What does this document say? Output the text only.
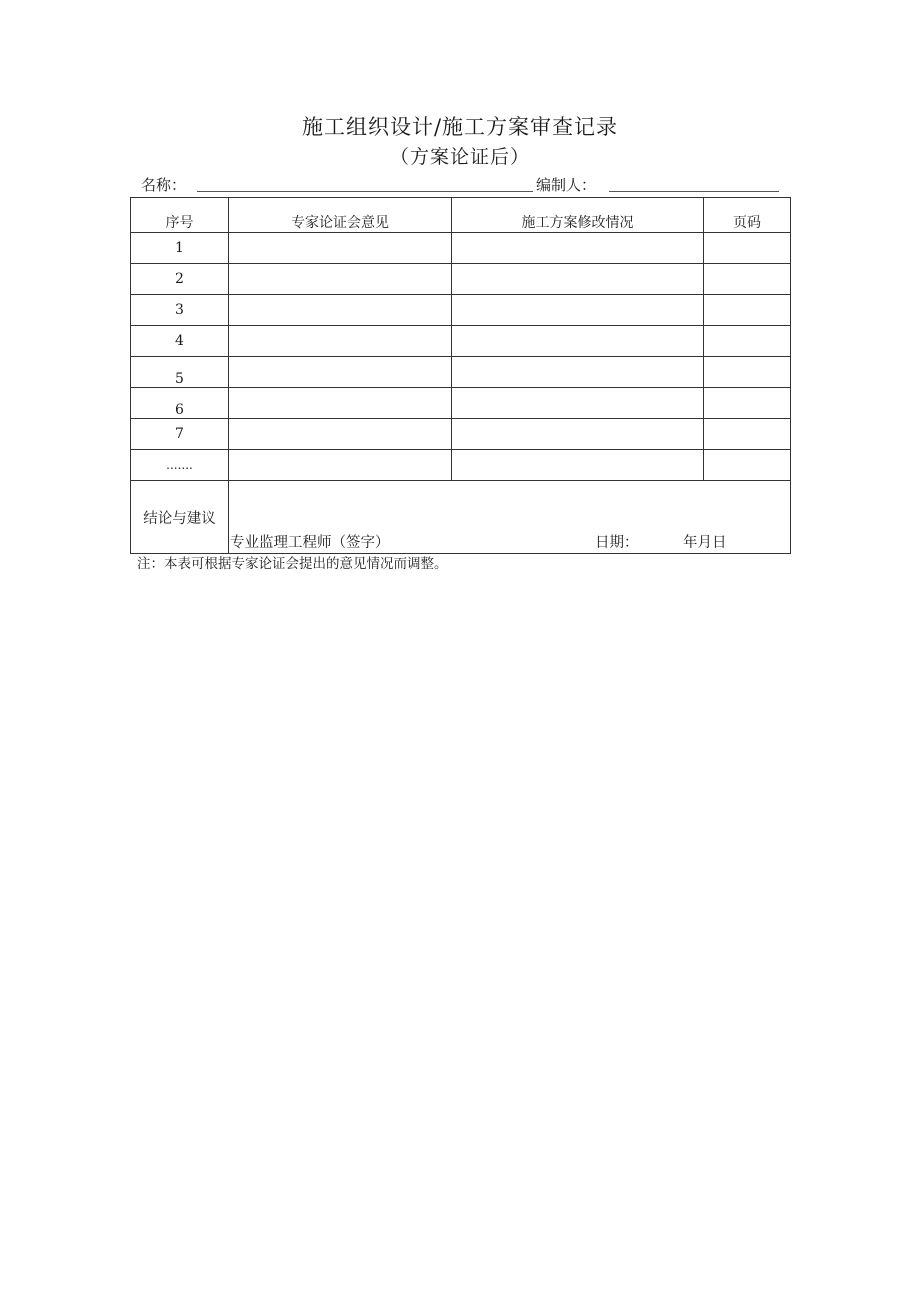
施工组织设计/施工方案审查记录
（方案论证后）
名称：	编制人：
序号	专家论证会意见	施工方案修改情况	页码
1			
2			
3			
4			
5			
6			
7			
.......			
结论与建议	专业监理工程师（签字） 日期： 年月日		
注：本表可根据专家论证会提出的意见情况而调整。
